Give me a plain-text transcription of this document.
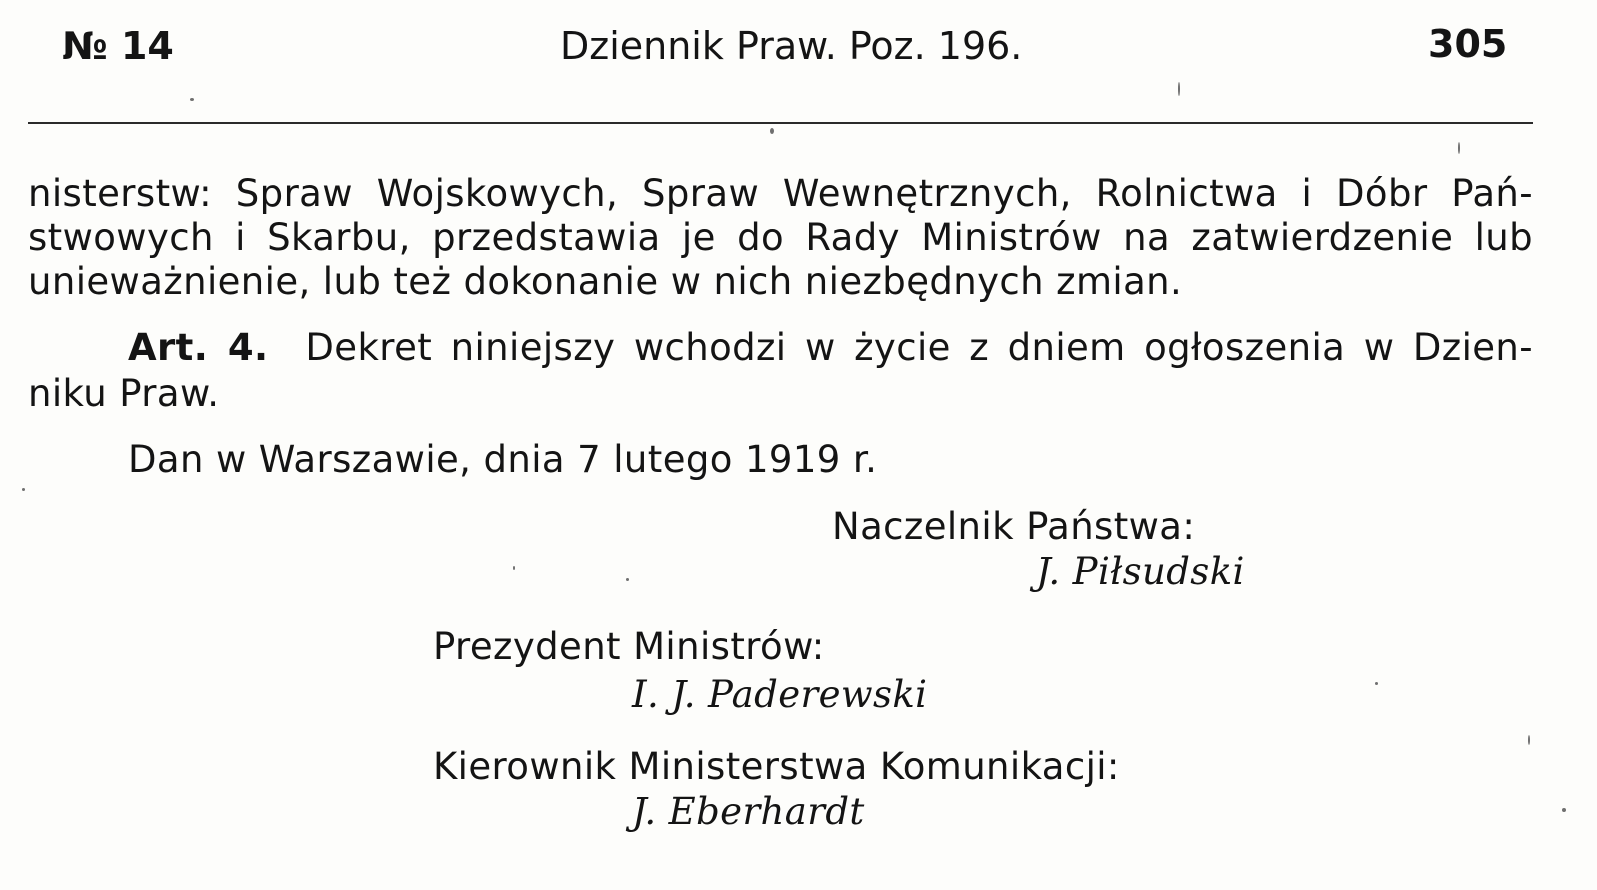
№ 14	Dziennik Praw. Poz. 196.	305
nisterstw: Spraw Wojskowych, Spraw Wewnętrznych, Rolnictwa i Dóbr Pań-
stwowych i Skarbu, przedstawia je do Rady Ministrów na zatwierdzenie lub
unieważnienie, lub też dokonanie w nich niezbędnych zmian.
Art. 4. Dekret niniejszy wchodzi w życie z dniem ogłoszenia w Dzien-
niku Praw.
Dan w Warszawie, dnia 7 lutego 1919 r.
Naczelnik Państwa:
J. Piłsudski
Prezydent Ministrów:
I. J. Paderewski
Kierownik Ministerstwa Komunikacji:
J. Eberhardt
